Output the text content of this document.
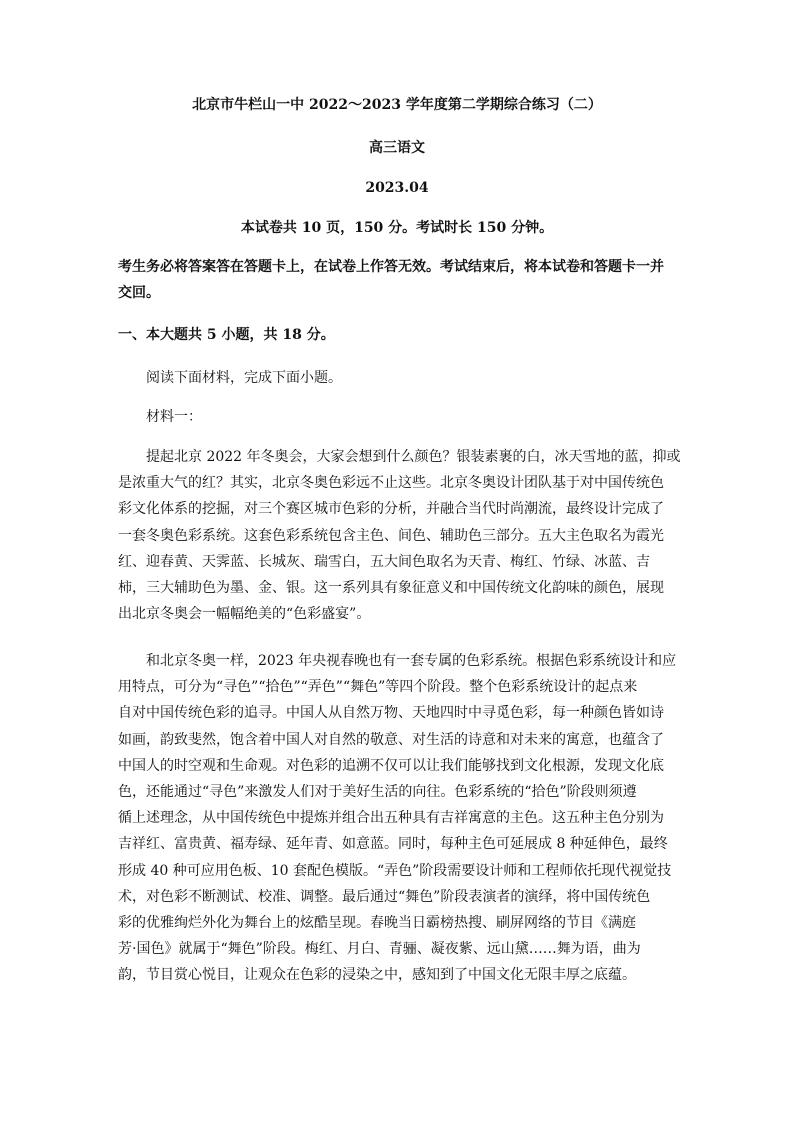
北京市牛栏山一中 2022～2023 学年度第二学期综合练习（二）
高三语文
2023.04
本试卷共 10 页，150 分。考试时长 150 分钟。
考生务必将答案答在答题卡上，在试卷上作答无效。考试结束后，将本试卷和答题卡一并
交回。
一、本大题共 5 小题，共 18 分。
阅读下面材料，完成下面小题。
材料一：
提起北京 2022 年冬奥会，大家会想到什么颜色？银装素裹的白，冰天雪地的蓝，抑或
是浓重大气的红？其实，北京冬奥色彩远不止这些。北京冬奥设计团队基于对中国传统色
彩文化体系的挖掘，对三个赛区城市色彩的分析，并融合当代时尚潮流，最终设计完成了
一套冬奥色彩系统。这套色彩系统包含主色、间色、辅助色三部分。五大主色取名为霞光
红、迎春黄、天霁蓝、长城灰、瑞雪白，五大间色取名为天青、梅红、竹绿、冰蓝、吉
柿，三大辅助色为墨、金、银。这一系列具有象征意义和中国传统文化韵味的颜色，展现
出北京冬奥会一幅幅绝美的“色彩盛宴”。
和北京冬奥一样，2023 年央视春晚也有一套专属的色彩系统。根据色彩系统设计和应
用特点，可分为“寻色”“拾色”“弄色”“舞色”等四个阶段。整个色彩系统设计的起点来
自对中国传统色彩的追寻。中国人从自然万物、天地四时中寻觅色彩，每一种颜色皆如诗
如画，韵致斐然，饱含着中国人对自然的敬意、对生活的诗意和对未来的寓意，也蕴含了
中国人的时空观和生命观。对色彩的追溯不仅可以让我们能够找到文化根源，发现文化底
色，还能通过“寻色”来激发人们对于美好生活的向往。色彩系统的“拾色”阶段则须遵
循上述理念，从中国传统色中提炼并组合出五种具有吉祥寓意的主色。这五种主色分别为
吉祥红、富贵黄、福寿绿、延年青、如意蓝。同时，每种主色可延展成 8 种延伸色，最终
形成 40 种可应用色板、10 套配色模版。“弄色”阶段需要设计师和工程师依托现代视觉技
术，对色彩不断测试、校准、调整。最后通过“舞色”阶段表演者的演绎，将中国传统色
彩的优雅绚烂外化为舞台上的炫酷呈现。春晚当日霸榜热搜、刷屏网络的节目《满庭
芳·国色》就属于“舞色”阶段。梅红、月白、青骊、凝夜紫、远山黛……舞为语，曲为
韵，节目赏心悦目，让观众在色彩的浸染之中，感知到了中国文化无限丰厚之底蕴。
